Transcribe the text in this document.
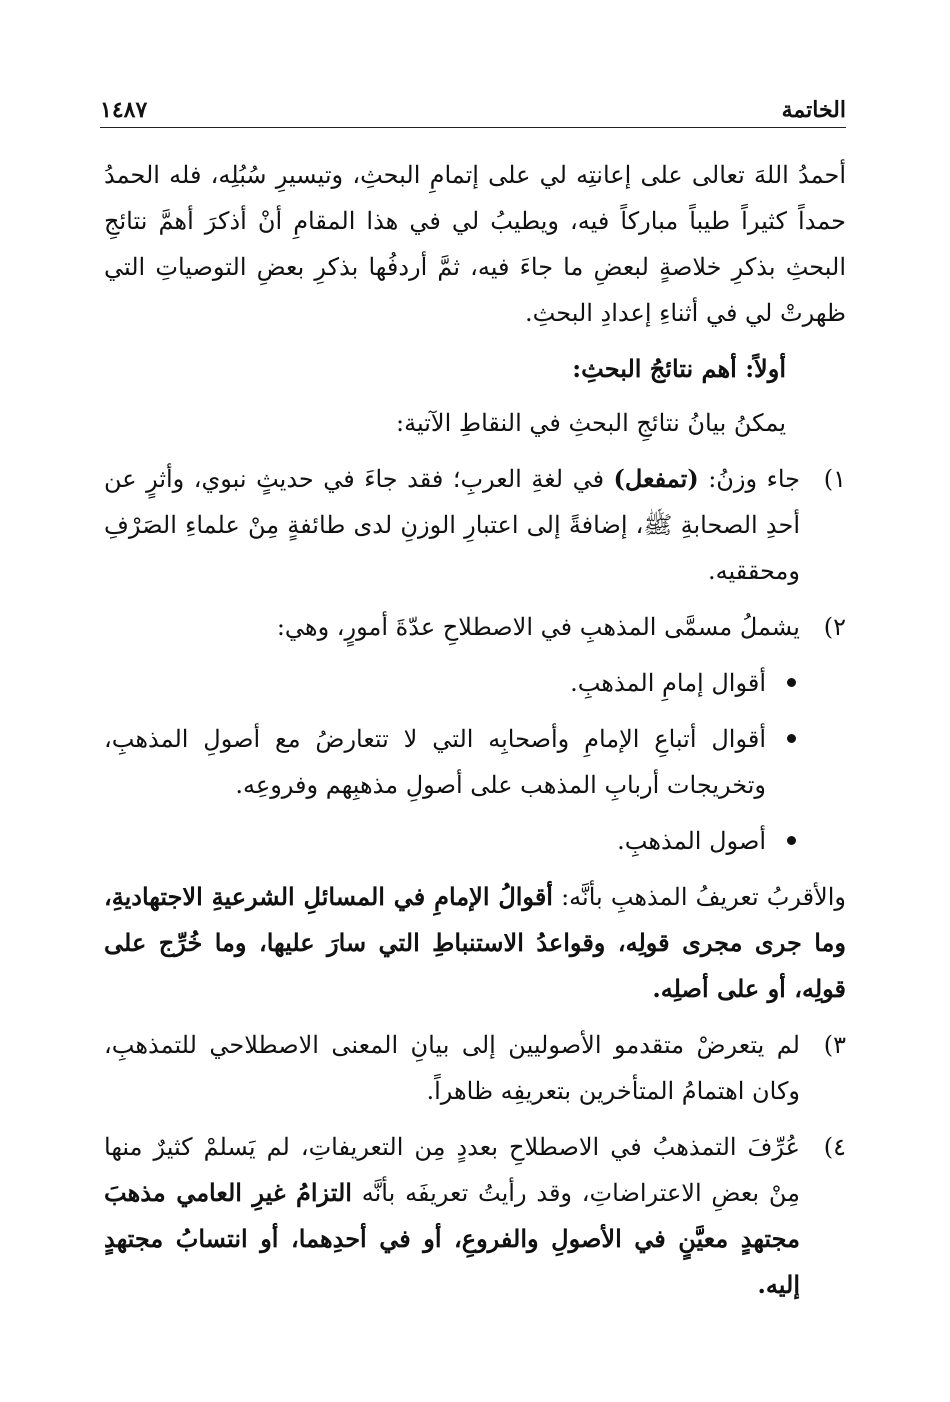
الخاتمة
١٤٨٧

أحمدُ اللهَ تعالى على إعانتِه لي على إتمامِ البحثِ، وتيسيرِ سُبُلِه، فله الحمدُ حمداً كثيراً طيباً مباركاً فيه، ويطيبُ لي في هذا المقامِ أنْ أذكرَ أهمَّ نتائجِ البحثِ بذكرِ خلاصةٍ لبعضِ ما جاءَ فيه، ثمَّ أردفُها بذكرِ بعضِ التوصياتِ التي ظهرتْ لي في أثناءِ إعدادِ البحثِ.

أولاً: أهم نتائجُ البحثِ:

يمكنُ بيانُ نتائجِ البحثِ في النقاطِ الآتية:

١)
جاء وزنُ: (تمفعل) في لغةِ العربِ؛ فقد جاءَ في حديثٍ نبوي، وأثرٍ عن أحدِ الصحابةِ ﷺ، إضافةً إلى اعتبارِ الوزنِ لدى طائفةٍ مِنْ علماءِ الصَرْفِ ومحققيه.
٢)
يشملُ مسمَّى المذهبِ في الاصطلاحِ عدّةَ أمورٍ، وهي:
أقوال إمامِ المذهبِ.
أقوال أتباعِ الإمامِ وأصحابِه التي لا تتعارضُ مع أصولِ المذهبِ، وتخريجات أربابِ المذهب على أصولِ مذهبِهم وفروعِه.
أصول المذهبِ.

والأقربُ تعريفُ المذهبِ بأنَّه: أقوالُ الإمامِ في المسائلِ الشرعيةِ الاجتهاديةِ، وما جرى مجرى قولِه، وقواعدُ الاستنباطِ التي سارَ عليها، وما خُرِّج على قولِه، أو على أصلِه.

٣)
لم يتعرضْ متقدمو الأصوليين إلى بيانِ المعنى الاصطلاحي للتمذهبِ، وكان اهتمامُ المتأخرين بتعريفِه ظاهراً.
٤)
عُرِّفَ التمذهبُ في الاصطلاحِ بعددٍ مِن التعريفاتِ، لم يَسلمْ كثيرٌ منها مِنْ بعضِ الاعتراضاتِ، وقد رأيتُ تعريفَه بأنَّه التزامُ غيرِ العامي مذهبَ مجتهدٍ معيَّنٍ في الأصولِ والفروعِ، أو في أحدِهما، أو انتسابُ مجتهدٍ إليه.
